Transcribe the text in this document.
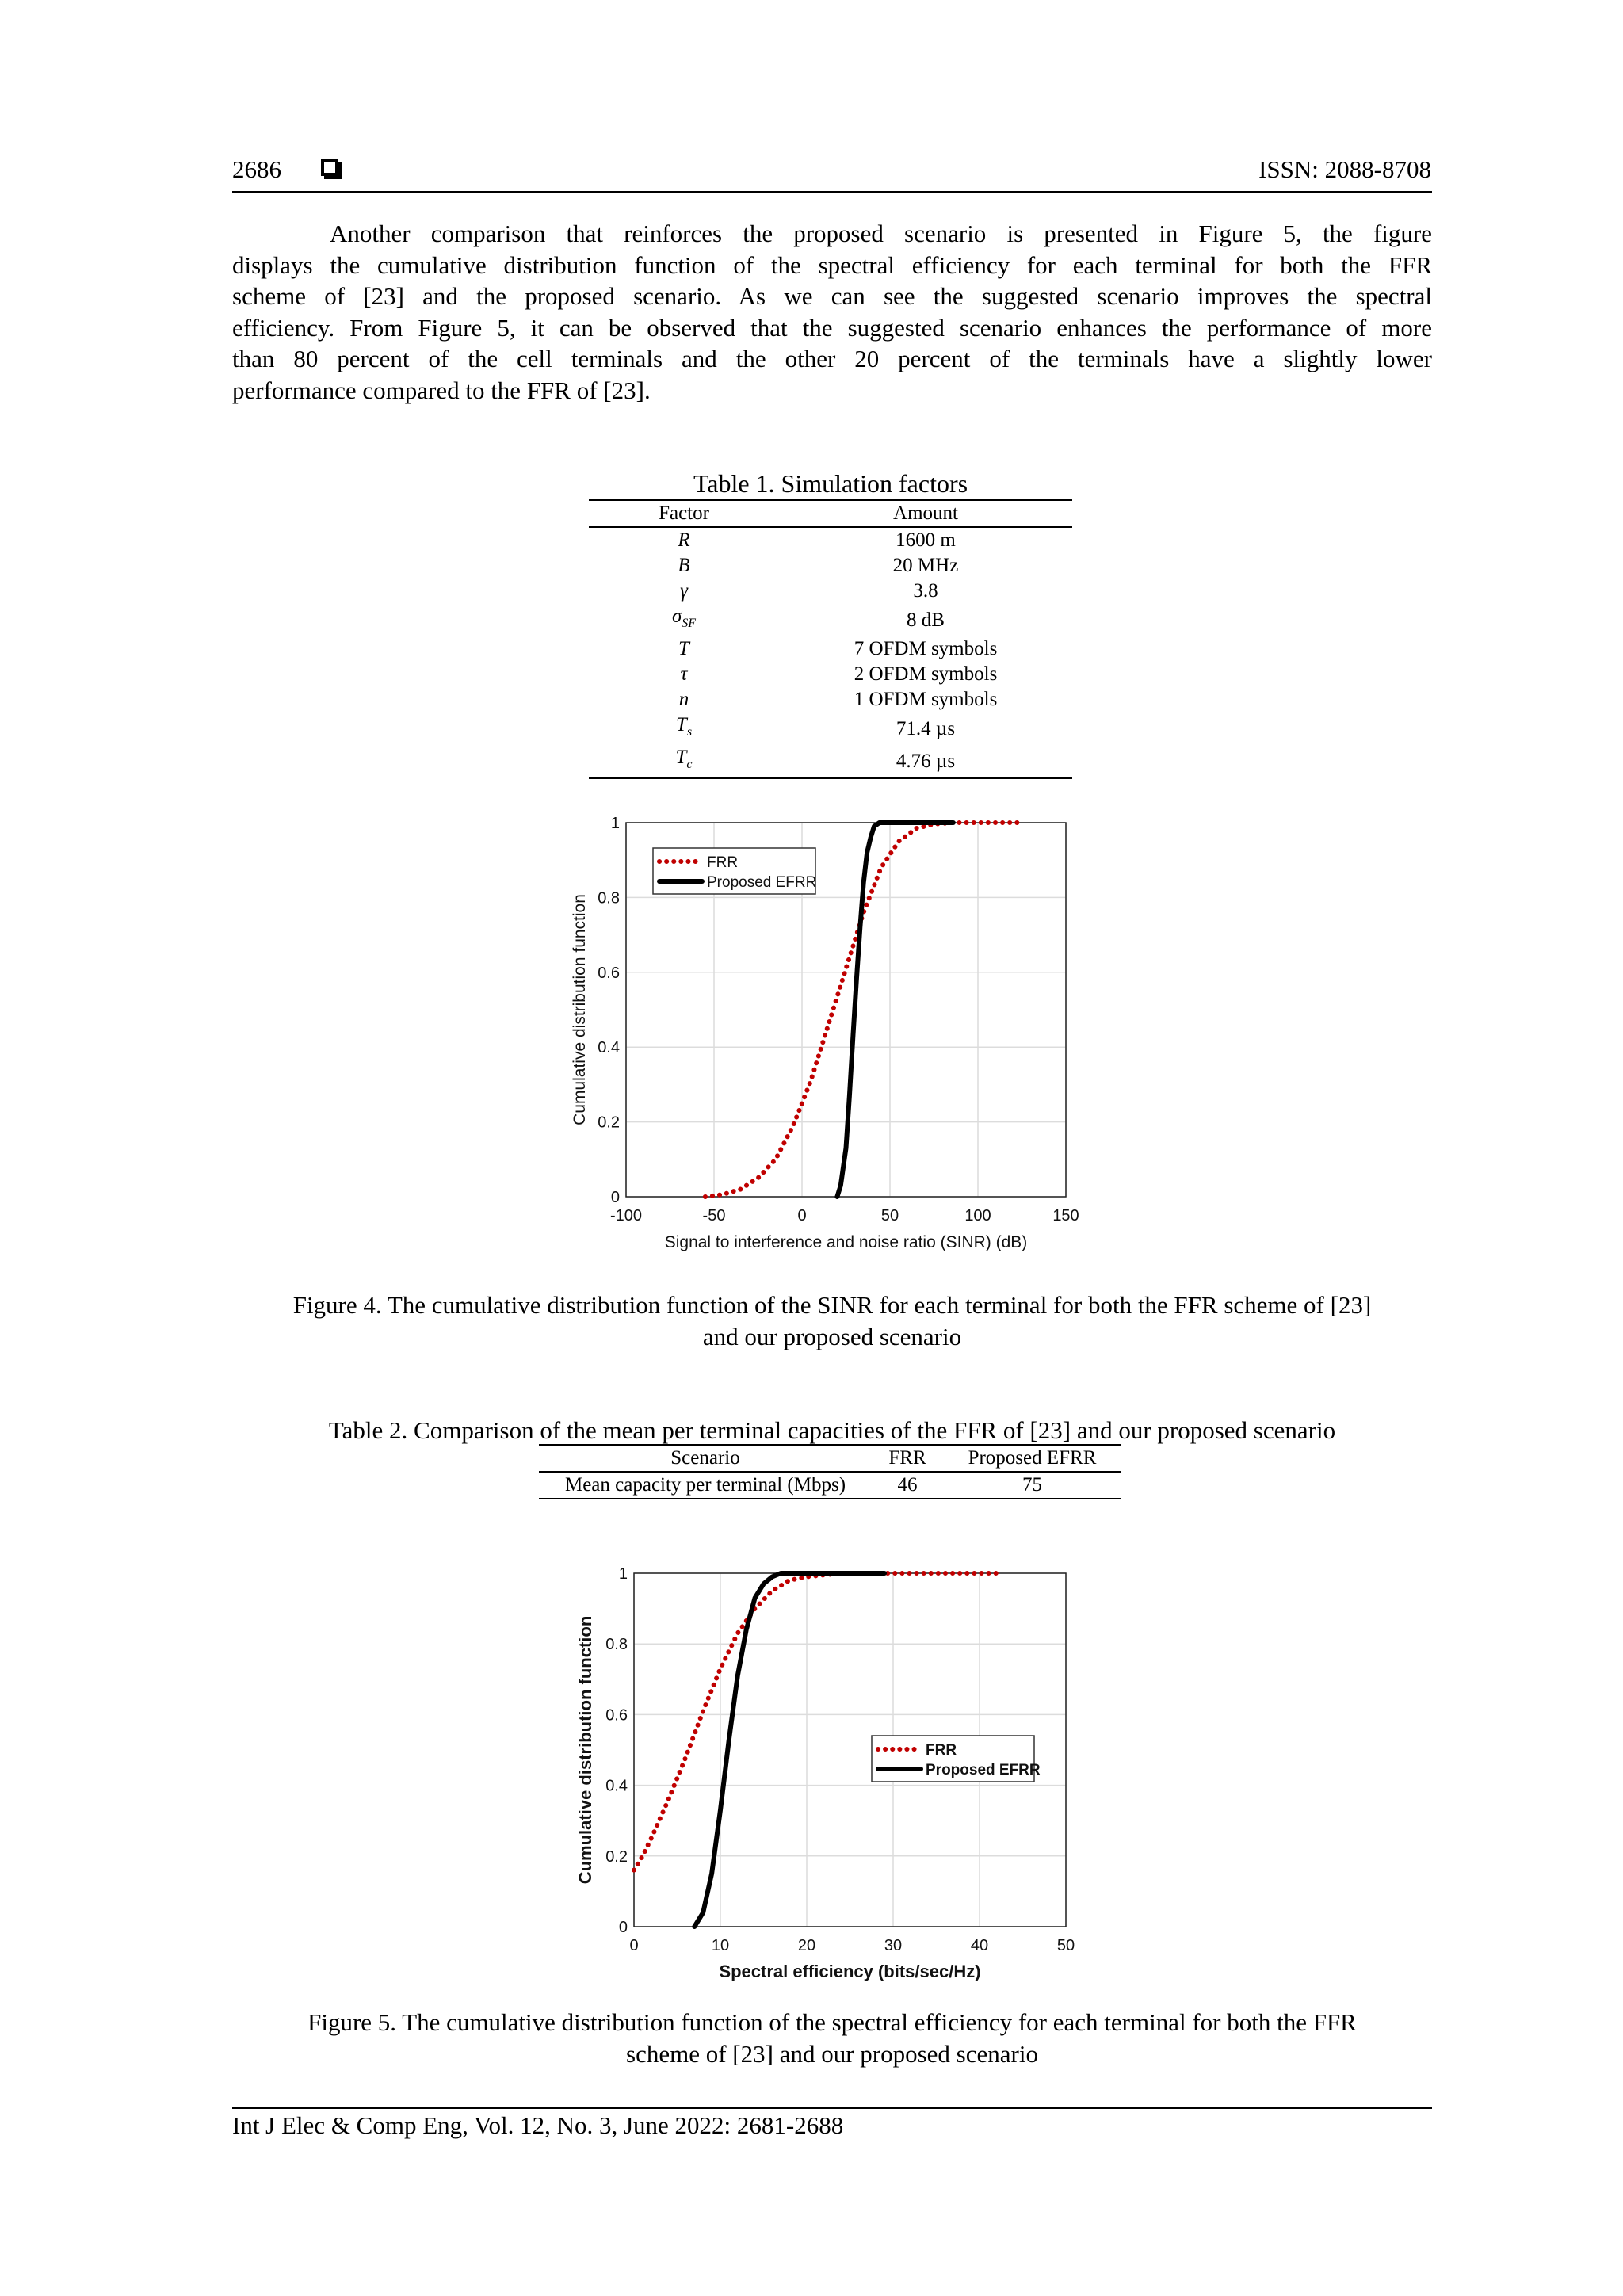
2686	ISSN: 2088-8708
Another comparison that reinforces the proposed scenario is presented in Figure 5, the figure
displays the cumulative distribution function of the spectral efficiency for each terminal for both the FFR
scheme of [23] and the proposed scenario. As we can see the suggested scenario improves the spectral
efficiency. From Figure 5, it can be observed that the suggested scenario enhances the performance of more
than 80 percent of the cell terminals and the other 20 percent of the terminals have a slightly lower
performance compared to the FFR of [23].
Table 1. Simulation factors
Factor	Amount
R	1600 m
B	20 MHz
γ	3.8
$\sigma_{SF}$	8 dB
T	7 OFDM symbols
τ	2 OFDM symbols
n	1 OFDM symbols
$T_s$	71.4 µs
$T_c$	4.76 µs
-100	-50	0	50	100	150
0
0.2
0.4
0.6
0.8
1
Signal to interference and noise ratio (SINR) (dB)
Cumulative distribution function
FRR
Proposed EFRR
Figure 4. The cumulative distribution function of the SINR for each terminal for both the FFR scheme of [23]
and our proposed scenario
Table 2. Comparison of the mean per terminal capacities of the FFR of [23] and our proposed scenario
Scenario	FRR	Proposed EFRR
Mean capacity per terminal (Mbps)	46	75
0	10	20	30	40	50
0
0.2
0.4
0.6
0.8
1
Spectral efficiency (bits/sec/Hz)
Cumulative distribution function	FRR
Proposed EFRR
Figure 5. The cumulative distribution function of the spectral efficiency for each terminal for both the FFR
scheme of [23] and our proposed scenario
Int J Elec & Comp Eng, Vol. 12, No. 3, June 2022: 2681-2688
